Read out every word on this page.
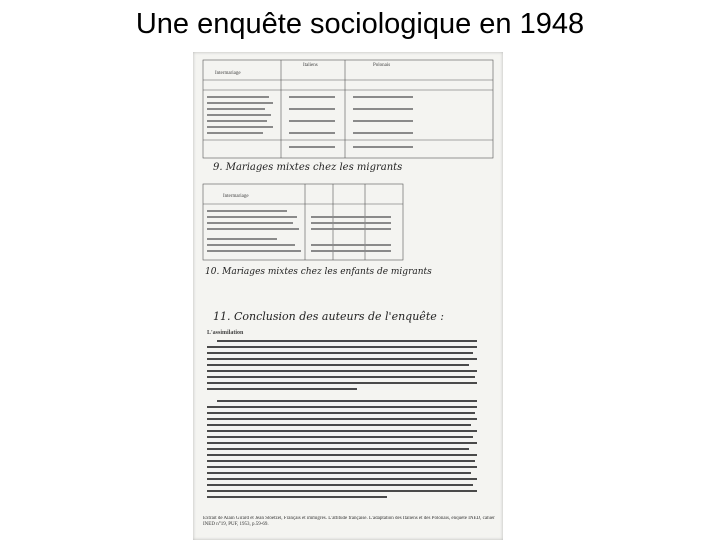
Une enquête sociologique en 1948
Intermariage
Italiens	Polonais
9. Mariages mixtes chez les migrants
Intermariage
10. Mariages mixtes chez les enfants de migrants
11. Conclusion des auteurs de l'enquête :
L'assimilation
Extrait de Alain Girard et Jean Stoetzel, Français et immigrés. L'attitude française. L'adaptation des Italiens et des Polonais, enquête INED, cahier INED n°19, PUF, 1953, p.59-69.
